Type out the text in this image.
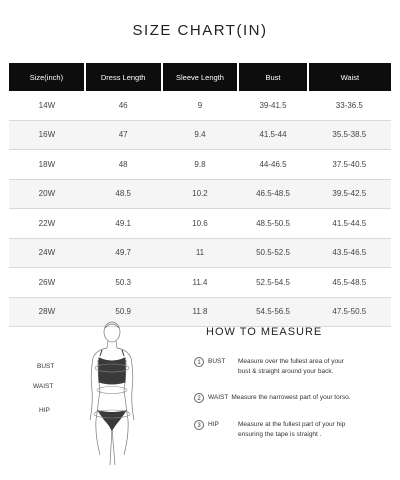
SIZE CHART(IN)
Size(inch)	Dress Length	Sleeve Length	Bust	Waist
14W	46	9	39-41.5	33-36.5
16W	47	9.4	41.5-44	35.5-38.5
18W	48	9.8	44-46.5	37.5-40.5
20W	48.5	10.2	46.5-48.5	39.5-42.5
22W	49.1	10.6	48.5-50.5	41.5-44.5
24W	49.7	11	50.5-52.5	43.5-46.5
26W	50.3	11.4	52.5-54.5	45.5-48.5
28W	50.9	11.8	54.5-56.5	47.5-50.5
BUST
WAIST
HIP
HOW TO MEASURE
1 BUST Measure over the fullest area of your
bust & straight around your back.
2 WAIST Measure the narrowest part of your torso.
3 HIP	Measure at the fullest part of your hip
ensuring the tape is straight .
